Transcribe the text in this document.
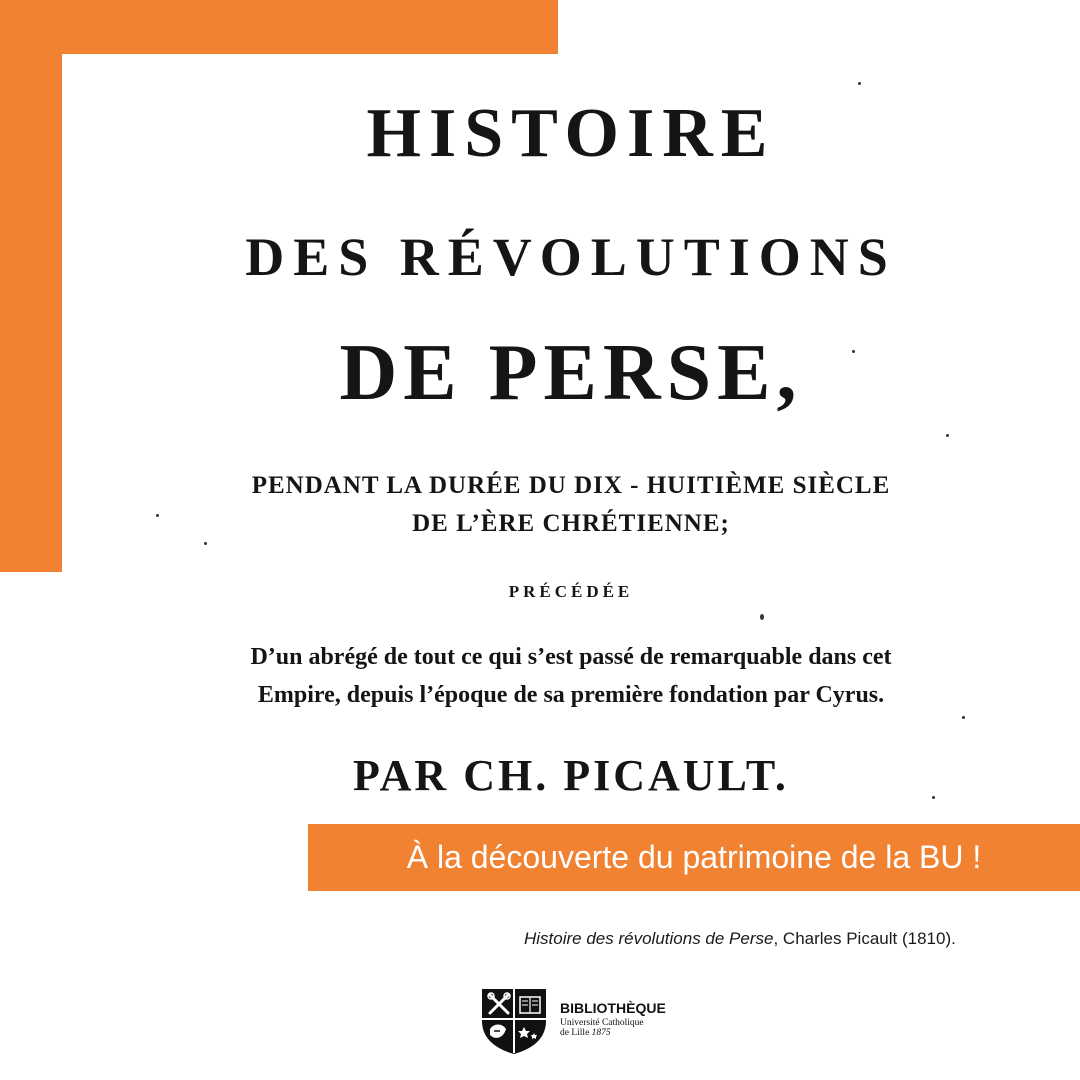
HISTOIRE

DES RÉVOLUTIONS

DE PERSE,

PENDANT LA DURÉE DU DIX - HUITIÈME SIÈCLE

DE L’ÈRE CHRÉTIENNE;

PRÉCÉDÉE

D’un abrégé de tout ce qui s’est passé de remarquable dans cet

Empire, depuis l’époque de sa première fondation par Cyrus.

PAR CH. PICAULT.

À la découverte du patrimoine de la BU !
Histoire des révolutions de Perse, Charles Picault (1810).
BIBLIOTHÈQUE
Université Catholique
de Lille 1875
